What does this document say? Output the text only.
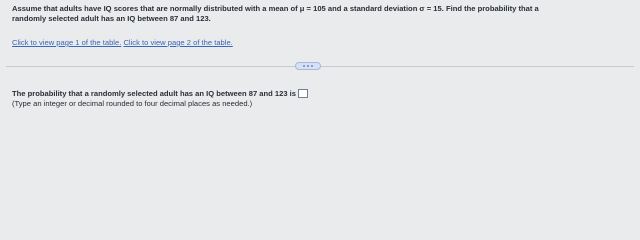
Assume that adults have IQ scores that are normally distributed with a mean of μ = 105 and a standard deviation σ = 15. Find the probability that a
randomly selected adult has an IQ between 87 and 123.
Click to view page 1 of the table. Click to view page 2 of the table.
The probability that a randomly selected adult has an IQ between 87 and 123 is
(Type an integer or decimal rounded to four decimal places as needed.)
